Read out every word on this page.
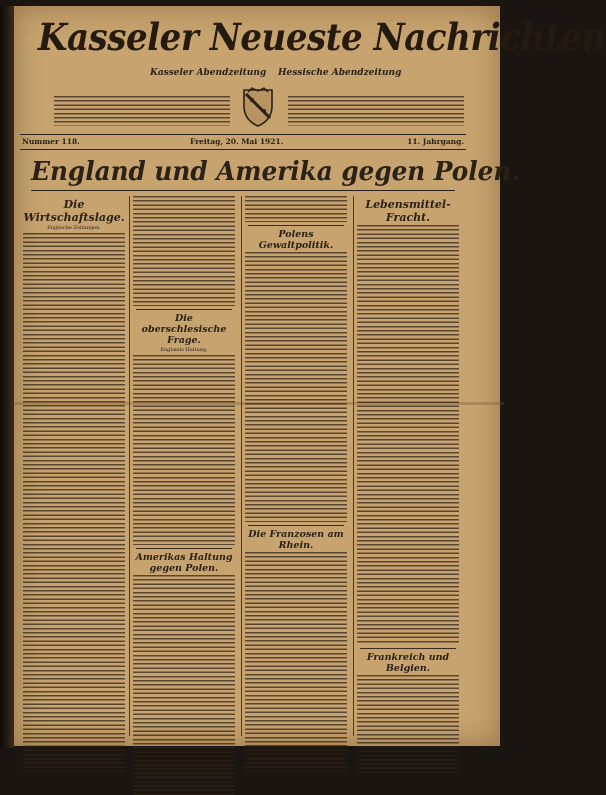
Kasseler Neueste Nachrichten
Kasseler Abendzeitung Hessische Abendzeitung
Nummer 118.	Freitag, 20. Mai 1921.	11. Jahrgang.
England und Amerika gegen Polen.
Die Wirtschaftslage.
Englische Zeitungen.
Die oberschlesische Frage.
Englands Haltung.
Amerikas Haltung gegen Polen.
Polens Gewaltpolitik.
Die Franzosen am Rhein.
Lebensmittel-Fracht.
Frankreich und Belgien.
